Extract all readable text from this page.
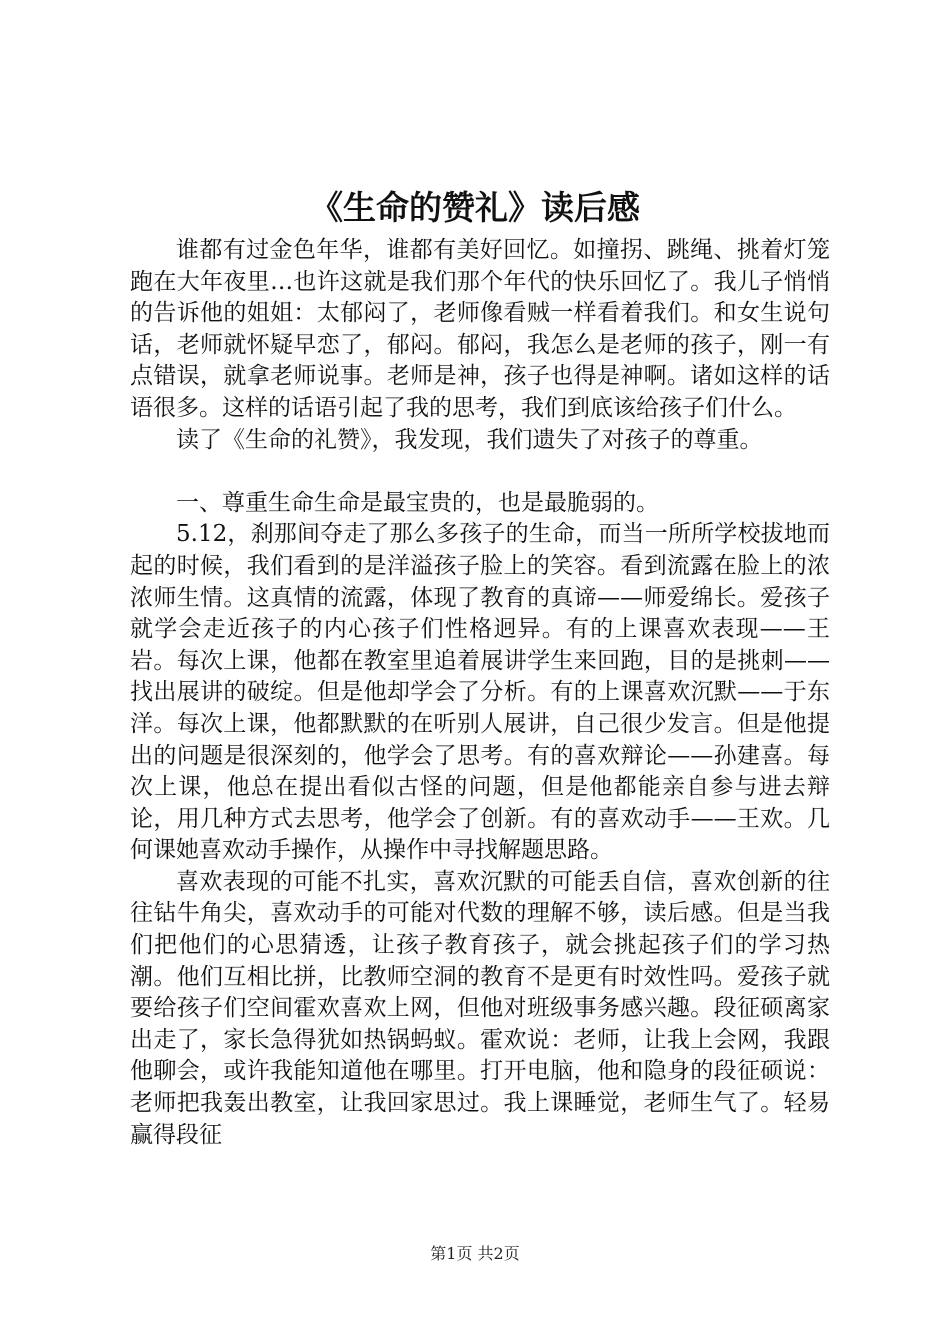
《生命的赞礼》读后感

谁都有过金色年华，谁都有美好回忆。如撞拐、跳绳、挑着灯笼跑在大年夜里…也许这就是我们那个年代的快乐回忆了。我儿子悄悄的告诉他的姐姐：太郁闷了，老师像看贼一样看着我们。和女生说句话，老师就怀疑早恋了，郁闷。郁闷，我怎么是老师的孩子，刚一有点错误，就拿老师说事。老师是神，孩子也得是神啊。诸如这样的话语很多。这样的话语引起了我的思考，我们到底该给孩子们什么。

读了《生命的礼赞》，我发现，我们遗失了对孩子的尊重。

一、尊重生命生命是最宝贵的，也是最脆弱的。

5.12，刹那间夺走了那么多孩子的生命，而当一所所学校拔地而起的时候，我们看到的是洋溢孩子脸上的笑容。看到流露在脸上的浓浓师生情。这真情的流露，体现了教育的真谛——师爱绵长。爱孩子就学会走近孩子的内心孩子们性格迥异。有的上课喜欢表现——王岩。每次上课，他都在教室里追着展讲学生来回跑，目的是挑刺——找出展讲的破绽。但是他却学会了分析。有的上课喜欢沉默——于东洋。每次上课，他都默默的在听别人展讲，自己很少发言。但是他提出的问题是很深刻的，他学会了思考。有的喜欢辩论——孙建喜。每次上课，他总在提出看似古怪的问题，但是他都能亲自参与进去辩论，用几种方式去思考，他学会了创新。有的喜欢动手——王欢。几何课她喜欢动手操作，从操作中寻找解题思路。

喜欢表现的可能不扎实，喜欢沉默的可能丢自信，喜欢创新的往往钻牛角尖，喜欢动手的可能对代数的理解不够，读后感。但是当我们把他们的心思猜透，让孩子教育孩子，就会挑起孩子们的学习热潮。他们互相比拼，比教师空洞的教育不是更有时效性吗。爱孩子就要给孩子们空间霍欢喜欢上网，但他对班级事务感兴趣。段征硕离家出走了，家长急得犹如热锅蚂蚁。霍欢说：老师，让我上会网，我跟他聊会，或许我能知道他在哪里。打开电脑，他和隐身的段征硕说：老师把我轰出教室，让我回家思过。我上课睡觉，老师生气了。轻易赢得段征

第1页 共2页
